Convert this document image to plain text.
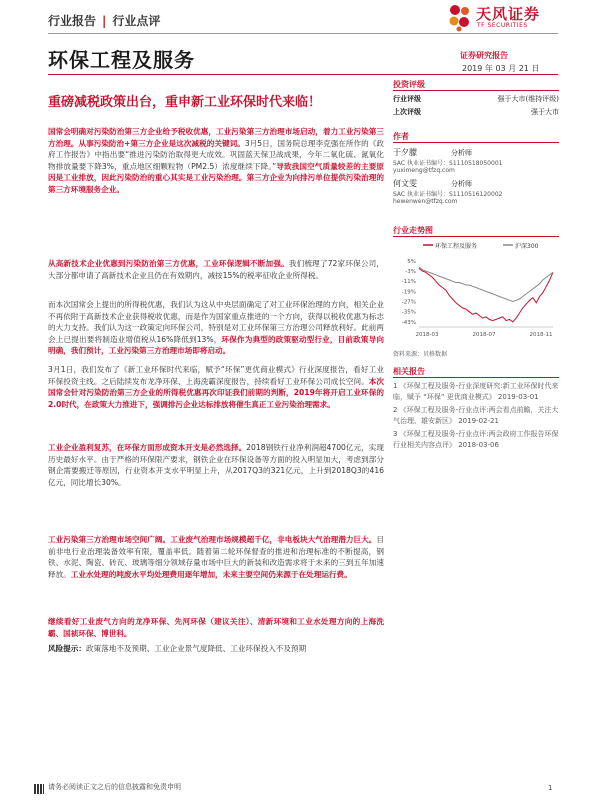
行业报告 | 行业点评	天风证券
TF SECURITIES
环保工程及服务	证券研究报告
2019 年 03 月 21 日
重磅减税政策出台，重申新工业环保时代来临！
投资评级
行业评级	强于大市(维持评级)
上次评级	强于大市
作者
于夕朦	分析师
SAC 执业证书编号：S1110518050001
yuximeng@tfzq.com
何文雯	分析师
SAC 执业证书编号：S1110516120002
hewenwen@tfzq.com
行业走势图
环保工程及服务	沪深300
5%
-3%
-11%
-19%
-27%
-35%
-43%
2018-03	2018-07	2018-11
资料来源：贝格数据
相关报告
1 《环保工程及服务-行业深度研究:新工业环保时代来临，赋予 “环保” 更优商业模式》 2019-03-01
2 《环保工程及服务-行业点评:两会看点前瞻，关注大气治理、雄安新区》 2019-02-21
3 《环保工程及服务-行业点评:两会政府工作报告环保行业相关内容点评》 2018-03-06
国常会明确对污染防治第三方企业给予税收优惠，工业污染第三方治理市场启动，着力工业污染第三方治理。从事污染防治+第三方企业是这次减税的关键词。3月5日，国务院总理李克强在所作的《政府工作报告》中指出要“推进污染防治取得更大成效。巩固蓝天保卫战成果，今年二氧化硫、氮氧化物排放量要下降3%，重点地区细颗粒物（PM2.5）浓度继续下降。”导致我国空气质量较差的主要原因是工业排放，因此污染防治的重心其实是工业污染治理。第三方企业为向排污单位提供污染治理的第三方环境服务企业。
从高新技术企业优惠到污染防治第三方优惠，工业环保逻辑不断加强。我们梳理了72家环保公司，大部分都申请了高新技术企业且仍在有效期内，减按15%的税率征收企业所得税。
而本次国常会上提出的所得税优惠，我们认为这从中央层面确定了对工业环保治理的方向，相关企业不再依附于高新技术企业获得税收优惠，而是作为国家重点推进的一个方向，获得以税收优惠为标志的大力支持。我们认为这一政策定向环保公司，特别是对工业环保第三方治理公司释放利好。此前两会上已提出要将制造业增值税从16%降低到13%，环保作为典型的政策驱动型行业，目前政策导向明确，我们预计，工业污染第三方治理市场即将启动。
3月1日，我们发布了《新工业环保时代来临，赋予“环保”更优商业模式》行业深度报告，看好工业环保投资主线。之后陆续发布龙净环保、上海洗霸深度报告，持续看好工业环保公司成长空间。本次国常会针对污染防治第三方企业的所得税优惠再次印证我们前期的判断，2019年将开启工业环保的2.0时代，在政策大力推进下，强调排污企业达标排放将催生真正工业污染治理需求。
工业企业盈利复苏，在环保方面形成资本开支是必然选择。2018钢铁行业净利润超4700亿元，实现历史最好水平。由于严格的环保限产要求，钢铁企业在环保设备等方面的投入明显加大，考虑到部分钢企需要搬迁等原因，行业资本开支水平明显上升，从2017Q3的321亿元，上升到2018Q3的416亿元，同比增长30%。
工业污染第三方治理市场空间广阔。工业废气治理市场规模超千亿，非电板块大气治理潜力巨大。目前非电行业治理装备效率有限，覆盖率低。随着第二轮环保督查的推进和治理标准的不断提高，钢铁、水泥、陶瓷、砖瓦、玻璃等细分领域存量市场中巨大的新装和改造需求将于未来的三到五年加速释放。工业水处理的吨废水平均处理费用逐年增加，未来主要空间仍来源于在处理运行费。
继续看好工业废气方向的龙净环保、先河环保（建议关注）、清新环境和工业水处理方向的上海洗霸、国祯环保、博世科。
风险提示：政策落地不及预期、工业企业景气度降低、工业环保投入不及预期
请务必阅读正文之后的信息披露和免责申明	1
